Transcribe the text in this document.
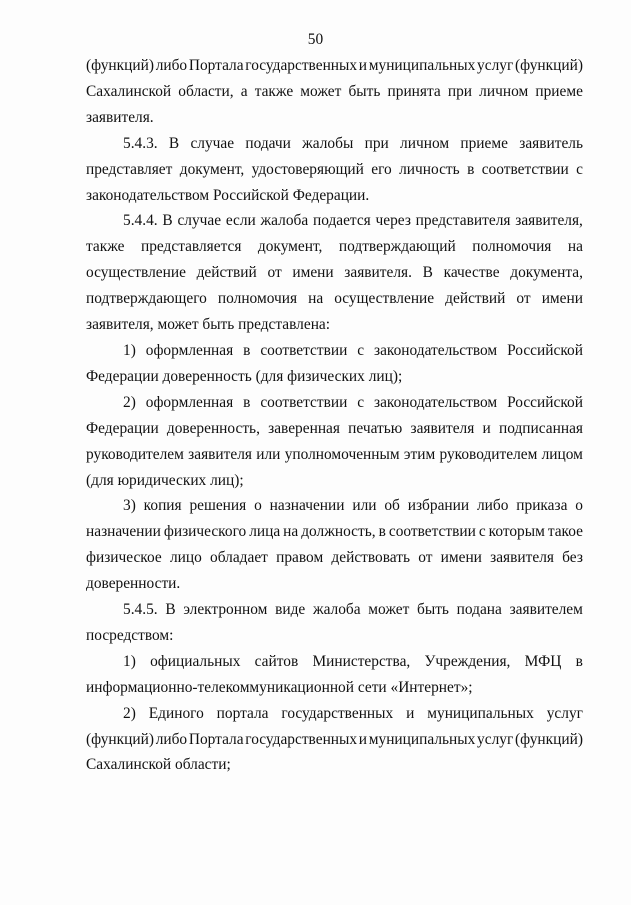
50
(функций) либо Портала государственных и муниципальных услуг (функций)
Сахалинской области, а также может быть принята при личном приеме
заявителя.
5.4.3. В случае подачи жалобы при личном приеме заявитель
представляет документ, удостоверяющий его личность в соответствии с
законодательством Российской Федерации.
5.4.4. В случае если жалоба подается через представителя заявителя,
также представляется документ, подтверждающий полномочия на
осуществление действий от имени заявителя. В качестве документа,
подтверждающего полномочия на осуществление действий от имени
заявителя, может быть представлена:
1) оформленная в соответствии с законодательством Российской
Федерации доверенность (для физических лиц);
2) оформленная в соответствии с законодательством Российской
Федерации доверенность, заверенная печатью заявителя и подписанная
руководителем заявителя или уполномоченным этим руководителем лицом
(для юридических лиц);
3) копия решения о назначении или об избрании либо приказа о
назначении физического лица на должность, в соответствии с которым такое
физическое лицо обладает правом действовать от имени заявителя без
доверенности.
5.4.5. В электронном виде жалоба может быть подана заявителем
посредством:
1) официальных сайтов Министерства, Учреждения, МФЦ в
информационно-телекоммуникационной сети «Интернет»;
2) Единого портала государственных и муниципальных услуг
(функций) либо Портала государственных и муниципальных услуг (функций)
Сахалинской области;
